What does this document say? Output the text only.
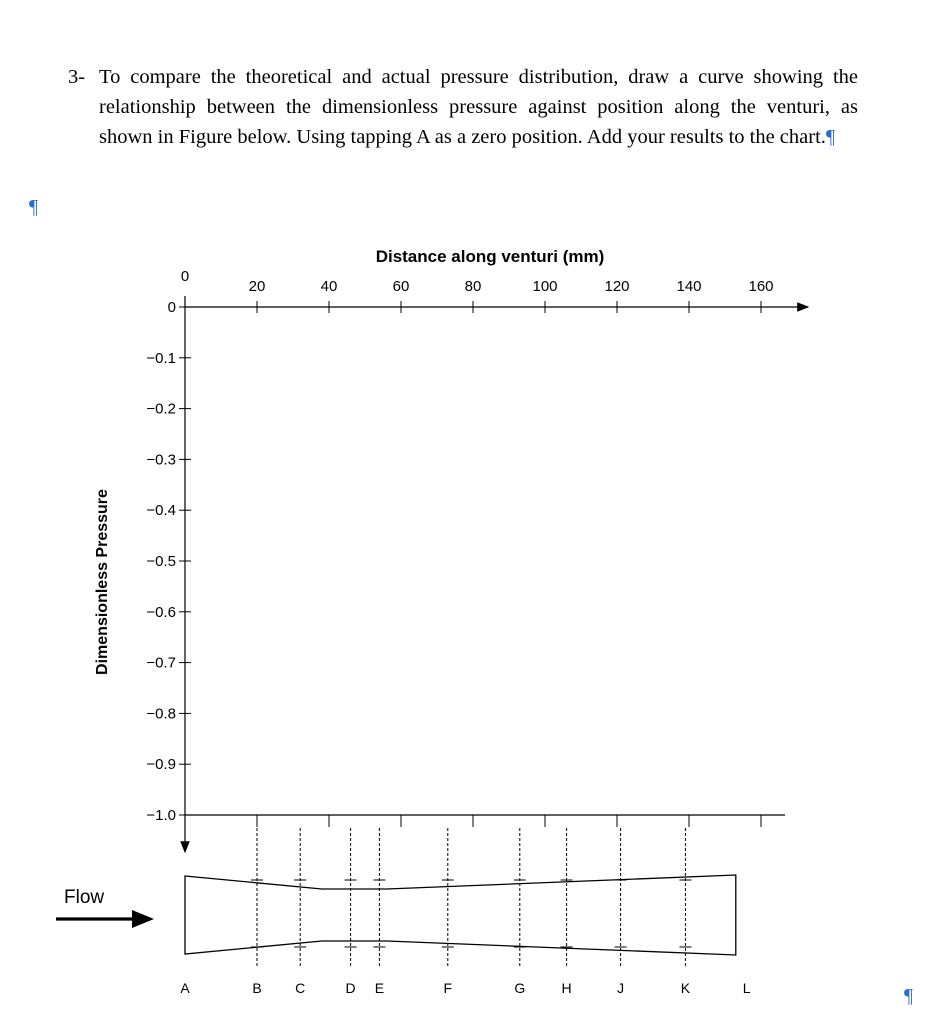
3- To compare the theoretical and actual pressure distribution, draw a curve showing the relationship between the dimensionless pressure against position along the venturi, as shown in Figure below. Using tapping A as a zero position. Add your results to the chart.¶
¶
¶
Distance along venturi (mm)
0
20	40	60	80	100	120	140	160
0
−0.1
−0.2
−0.3
−0.4
−0.5
−0.6
−0.7
−0.8
−0.9
−1.0
Dimensionless Pressure
A	B C	D E	F	G	H	J	K	L
Flow
